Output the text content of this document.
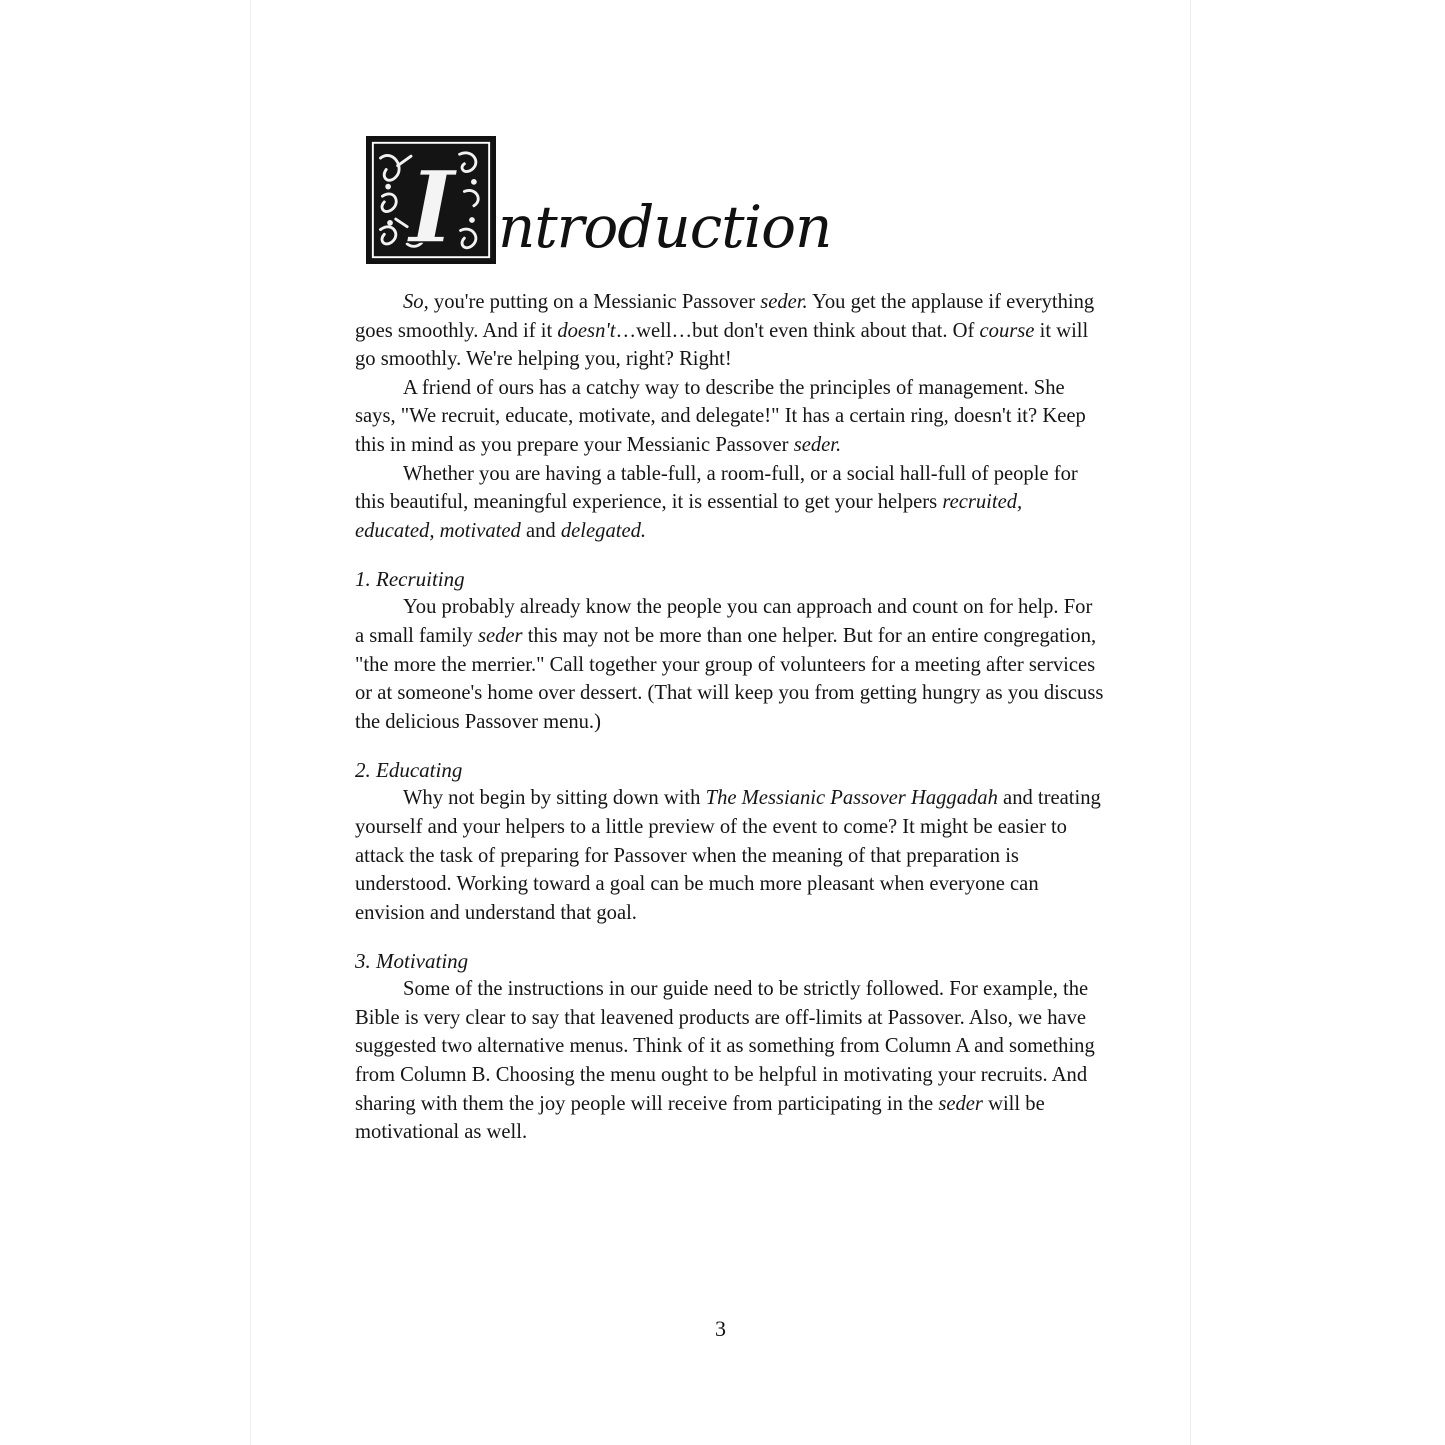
I ntroduction

So, you're putting on a Messianic Passover seder. You get the applause if everything goes smoothly. And if it doesn't…well…but don't even think about that. Of course it will go smoothly. We're helping you, right? Right!

A friend of ours has a catchy way to describe the principles of management. She says, "We recruit, educate, motivate, and delegate!" It has a certain ring, doesn't it? Keep this in mind as you prepare your Messianic Passover seder.

Whether you are having a table-full, a room-full, or a social hall-full of people for this beautiful, meaningful experience, it is essential to get your helpers recruited, educated, motivated and delegated.

1. Recruiting

You probably already know the people you can approach and count on for help. For a small family seder this may not be more than one helper. But for an entire congregation, "the more the merrier." Call together your group of volunteers for a meeting after services or at someone's home over dessert. (That will keep you from getting hungry as you discuss the delicious Passover menu.)

2. Educating

Why not begin by sitting down with The Messianic Passover Haggadah and treating yourself and your helpers to a little preview of the event to come? It might be easier to attack the task of preparing for Passover when the meaning of that preparation is understood. Working toward a goal can be much more pleasant when everyone can envision and understand that goal.

3. Motivating

Some of the instructions in our guide need to be strictly followed. For example, the Bible is very clear to say that leavened products are off-limits at Passover. Also, we have suggested two alternative menus. Think of it as something from Column A and something from Column B. Choosing the menu ought to be helpful in motivating your recruits. And sharing with them the joy people will receive from participating in the seder will be motivational as well.

3
